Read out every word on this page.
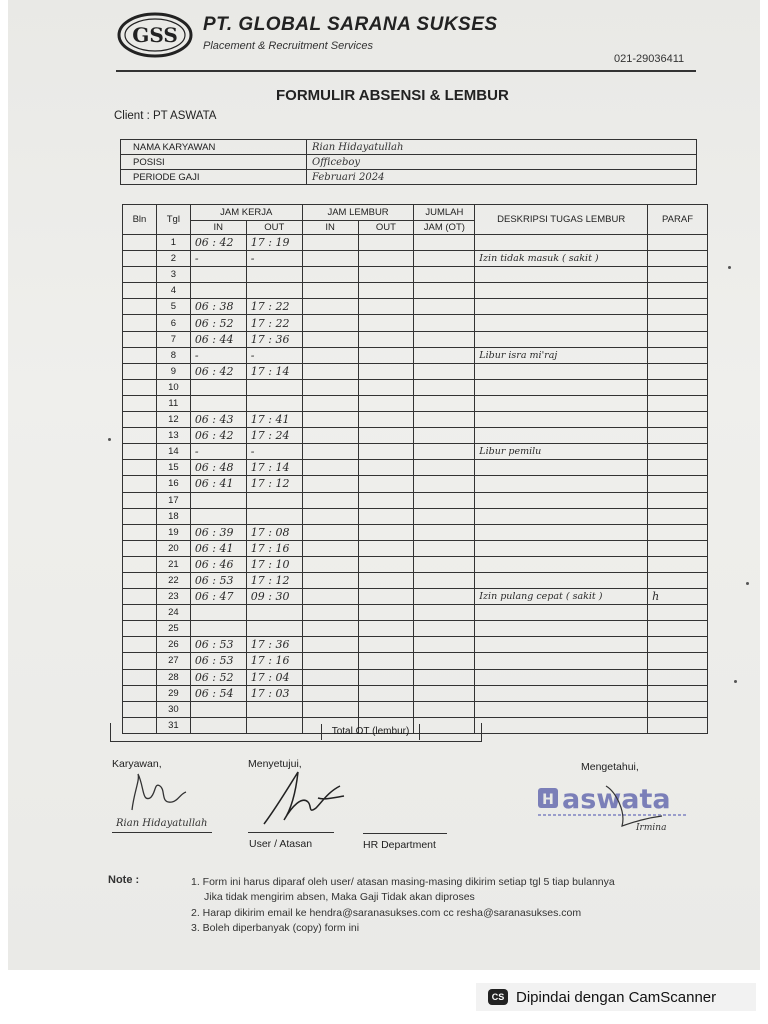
GSS PT. GLOBAL SARANA SUKSES
Placement & Recruitment Services
021-29036411
FORMULIR ABSENSI & LEMBUR
Client : PT ASWATA
NAMA KARYAWAN	Rian Hidayatullah
POSISI	Officeboy
PERIODE GAJI	Februari 2024
Bln	Tgl	JAM KERJA		JAM LEMBUR		JUMLAH	DESKRIPSI TUGAS LEMBUR	PARAF
		IN	OUT	IN	OUT	JAM (OT)		
	1	06 : 42	17 : 19					
	2	-	-				Izin tidak masuk ( sakit )	
	3							
	4							
	5	06 : 38	17 : 22					
	6	06 : 52	17 : 22					
	7	06 : 44	17 : 36					
	8	-	-				Libur isra mi'raj	
	9	06 : 42	17 : 14					
	10							
	11							
	12	06 : 43	17 : 41					
	13	06 : 42	17 : 24					
	14	-	-				Libur pemilu	
	15	06 : 48	17 : 14					
	16	06 : 41	17 : 12					
	17							
	18							
	19	06 : 39	17 : 08					
	20	06 : 41	17 : 16					
	21	06 : 46	17 : 10					
	22	06 : 53	17 : 12					
	23	06 : 47	09 : 30				Izin pulang cepat ( sakit )	h
	24							
	25							
	26	06 : 53	17 : 36					
	27	06 : 53	17 : 16					
	28	06 : 52	17 : 04					
	29	06 : 54	17 : 03					
	30							
	31							
Total OT (lembur)
Karyawan,
Rian Hidayatullah
Menyetujui,
User / Atasan	HR Department
Mengetahui,
H aswata
Irmina
Note :	1. Form ini harus diparaf oleh user/ atasan masing-masing dikirim setiap tgl 5 tiap bulannya
Jika tidak mengirim absen, Maka Gaji Tidak akan diproses
2. Harap dikirim email ke hendra@saranasukses.com cc resha@saranasukses.com
3. Boleh diperbanyak (copy) form ini
CS Dipindai dengan CamScanner
